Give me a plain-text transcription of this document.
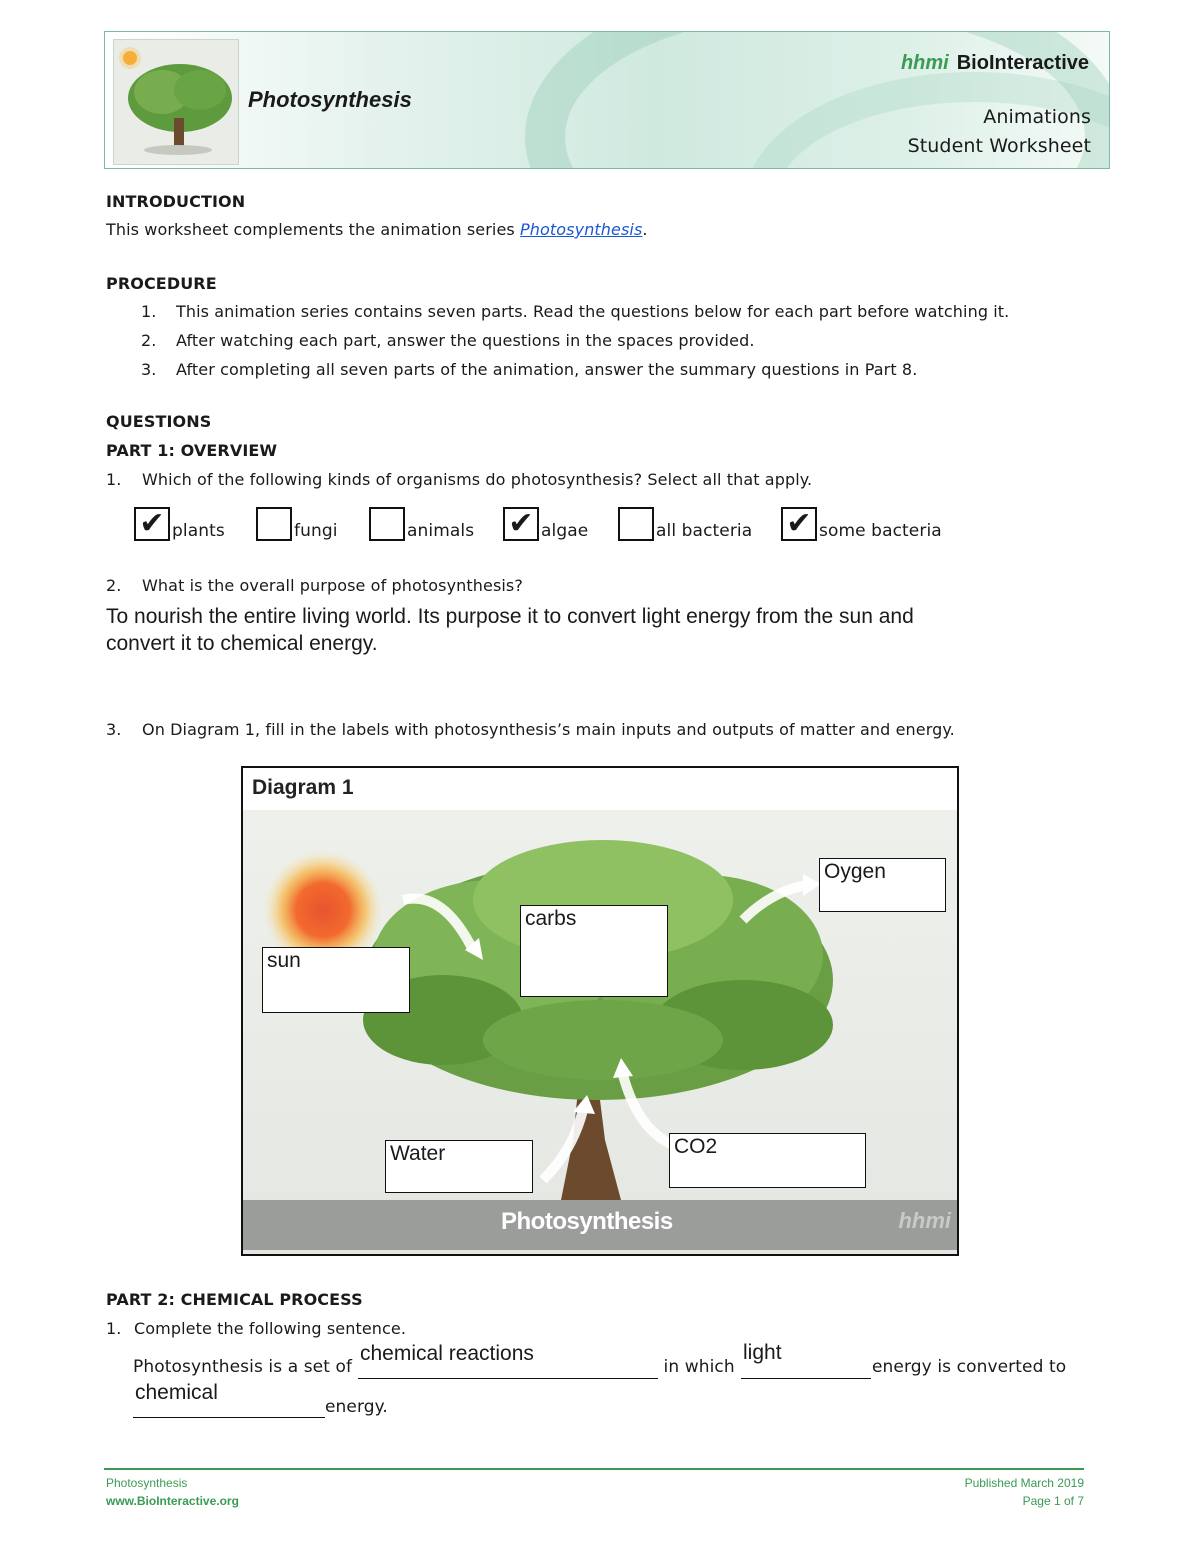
Photosynthesis
hhmi BioInteractive
Animations
Student Worksheet
INTRODUCTION
This worksheet complements the animation series Photosynthesis.
PROCEDURE
1. This animation series contains seven parts. Read the questions below for each part before watching it.
2. After watching each part, answer the questions in the spaces provided.
3. After completing all seven parts of the animation, answer the summary questions in Part 8.
QUESTIONS
PART 1: OVERVIEW
1. Which of the following kinds of organisms do photosynthesis? Select all that apply.
✔ plants	fungi	animals ✔ algae	all bacteria ✔ some bacteria
2. What is the overall purpose of photosynthesis?
To nourish the entire living world. Its purpose it to convert light energy from the sun and
convert it to chemical energy.
3. On Diagram 1, fill in the labels with photosynthesis’s main inputs and outputs of matter and energy.
Diagram 1
Photosynthesis	hhmi
sun
carbs
Oygen
Water	CO2
PART 2: CHEMICAL PROCESS
1. Complete the following sentence.
Photosynthesis is a set of
chemical reactions
in which
light
energy is converted to
chemical
energy.
Photosynthesis
www.BioInteractive.org
Published March 2019
Page 1 of 7
